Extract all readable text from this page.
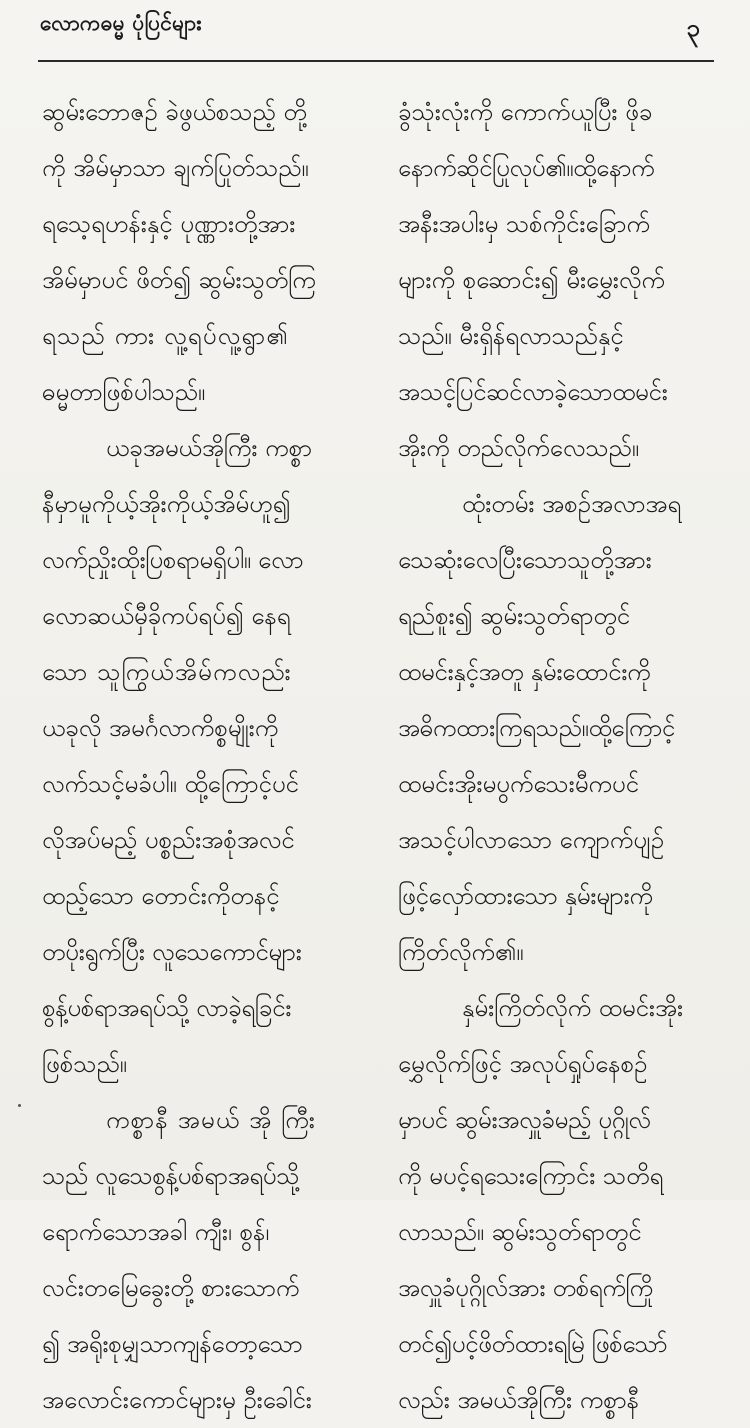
လောကဓမ္မ ပုံပြင်များ	၃
ဆွမ်းဘောဇဉ် ခဲဖွယ်စသည့် တို့
ကို အိမ်မှာသာ ချက်ပြုတ်သည်။
ရသေ့ရဟန်းနှင့် ပုဏ္ဏားတို့အား
အိမ်မှာပင် ဖိတ်၍ ဆွမ်းသွတ်ကြ
ရသည် ကား လူ့ရပ်လူ့ရွာ၏
ဓမ္မတာဖြစ်ပါသည်။
ယခုအမယ်အိုကြီး ကစ္စာ
နီမှာမူကိုယ့်အိုးကိုယ့်အိမ်ဟူ၍
လက်ညှိုးထိုးပြစရာမရှိပါ။ လော
လောဆယ်မှီခိုကပ်ရပ်၍ နေရ
သော သူကြွယ်အိမ်ကလည်း
ယခုလို အမင်္ဂလာကိစ္စမျိုးကို
လက်သင့်မခံပါ။ ထို့ကြောင့်ပင်
လိုအပ်မည့် ပစ္စည်းအစုံအလင်
ထည့်သော တောင်းကိုတနင့်
တပိုးရွက်ပြီး လူသေကောင်များ
စွန့်ပစ်ရာအရပ်သို့ လာခဲ့ရခြင်း
ဖြစ်သည်။
ကစ္စာနီ အမယ် အို ကြီး
သည် လူသေစွန့်ပစ်ရာအရပ်သို့
ရောက်သောအခါ ကျီး၊ စွန်၊
လင်းတမြေခွေးတို့ စားသောက်
၍ အရိုးစုမျှသာကျန်တော့သော
အလောင်းကောင်များမှ ဦးခေါင်း
ခွံသုံးလုံးကို ကောက်ယူပြီး ဖိုခ
နောက်ဆိုင်ပြုလုပ်၏။ထို့နောက်
အနီးအပါးမှ သစ်ကိုင်းခြောက်
များကို စုဆောင်း၍ မီးမွှေးလိုက်
သည်။ မီးရှိန်ရလာသည်နှင့်
အသင့်ပြင်ဆင်လာခဲ့သောထမင်း
အိုးကို တည်လိုက်လေသည်။
ထုံးတမ်း အစဉ်အလာအရ
သေဆုံးလေပြီးသောသူတို့အား
ရည်စူး၍ ဆွမ်းသွတ်ရာတွင်
ထမင်းနှင့်အတူ နှမ်းထောင်းကို
အဓိကထားကြရသည်။ထို့ကြောင့်
ထမင်းအိုးမပွက်သေးမီကပင်
အသင့်ပါလာသော ကျောက်ပျဉ်
ဖြင့်လှော်ထားသော နှမ်းများကို
ကြိတ်လိုက်၏။
နှမ်းကြိတ်လိုက် ထမင်းအိုး
မွှေလိုက်ဖြင့် အလုပ်ရှုပ်နေစဉ်
မှာပင် ဆွမ်းအလှူခံမည့် ပုဂ္ဂိုလ်
ကို မပင့်ရသေးကြောင်း သတိရ
လာသည်။ ဆွမ်းသွတ်ရာတွင်
အလှူခံပုဂ္ဂိုလ်အား တစ်ရက်ကြို
တင်၍ပင့်ဖိတ်ထားရမြဲ ဖြစ်သော်
လည်း အမယ်အိုကြီး ကစ္စာနီ
